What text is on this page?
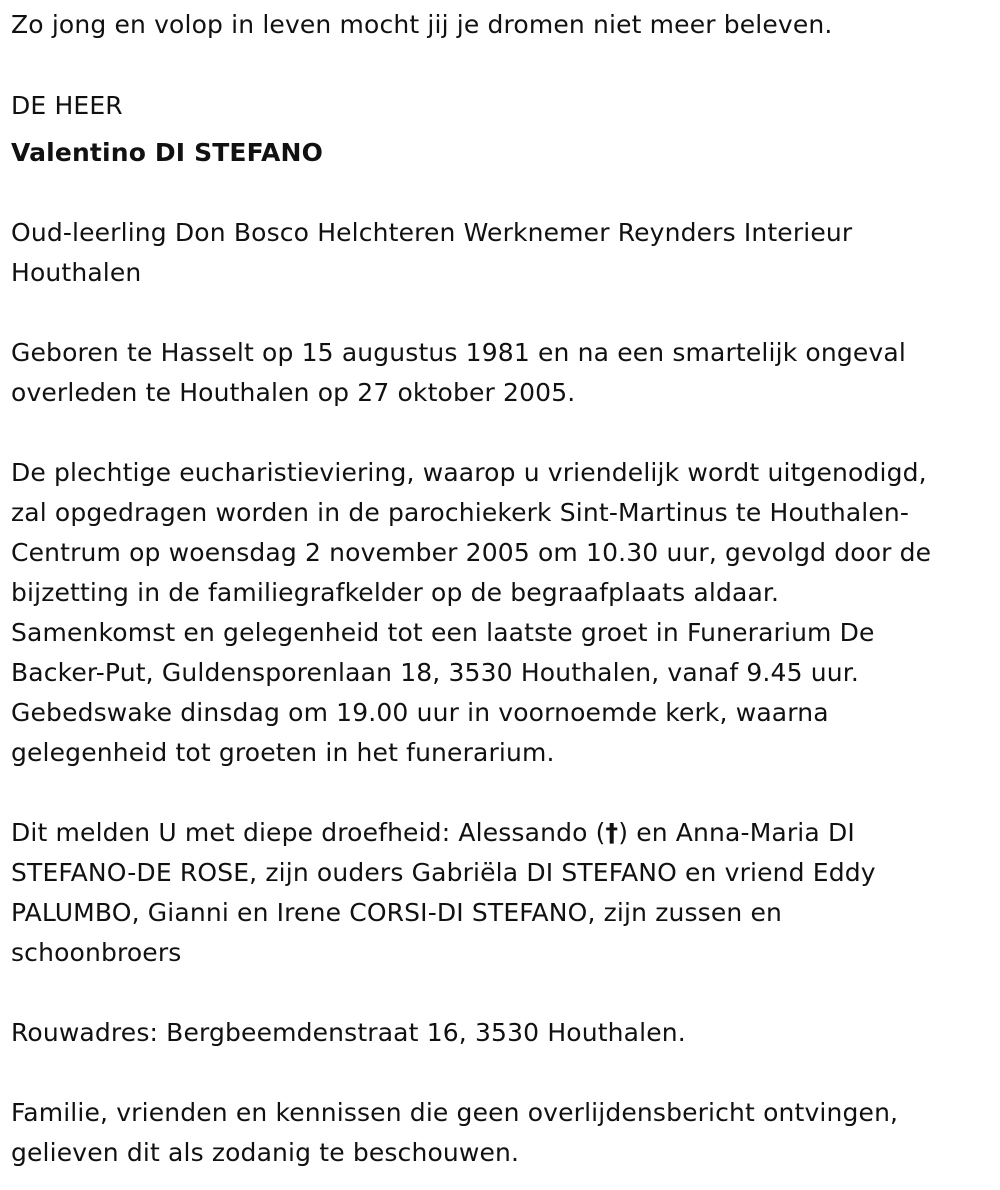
Zo jong en volop in leven mocht jij je dromen niet meer beleven.
DE HEER
Valentino DI STEFANO
Oud-leerling Don Bosco Helchteren Werknemer Reynders Interieur
Houthalen
Geboren te Hasselt op 15 augustus 1981 en na een smartelijk ongeval
overleden te Houthalen op 27 oktober 2005.
De plechtige eucharistieviering, waarop u vriendelijk wordt uitgenodigd,
zal opgedragen worden in de parochiekerk Sint-Martinus te Houthalen-
Centrum op woensdag 2 november 2005 om 10.30 uur, gevolgd door de
bijzetting in de familiegrafkelder op de begraafplaats aldaar.
Samenkomst en gelegenheid tot een laatste groet in Funerarium De
Backer-Put, Guldensporenlaan 18, 3530 Houthalen, vanaf 9.45 uur.
Gebedswake dinsdag om 19.00 uur in voornoemde kerk, waarna
gelegenheid tot groeten in het funerarium.
Dit melden U met diepe droefheid: Alessando (†) en Anna-Maria DI
STEFANO-DE ROSE, zijn ouders Gabriëla DI STEFANO en vriend Eddy
PALUMBO, Gianni en Irene CORSI-DI STEFANO, zijn zussen en
schoonbroers
Rouwadres: Bergbeemdenstraat 16, 3530 Houthalen.
Familie, vrienden en kennissen die geen overlijdensbericht ontvingen,
gelieven dit als zodanig te beschouwen.
